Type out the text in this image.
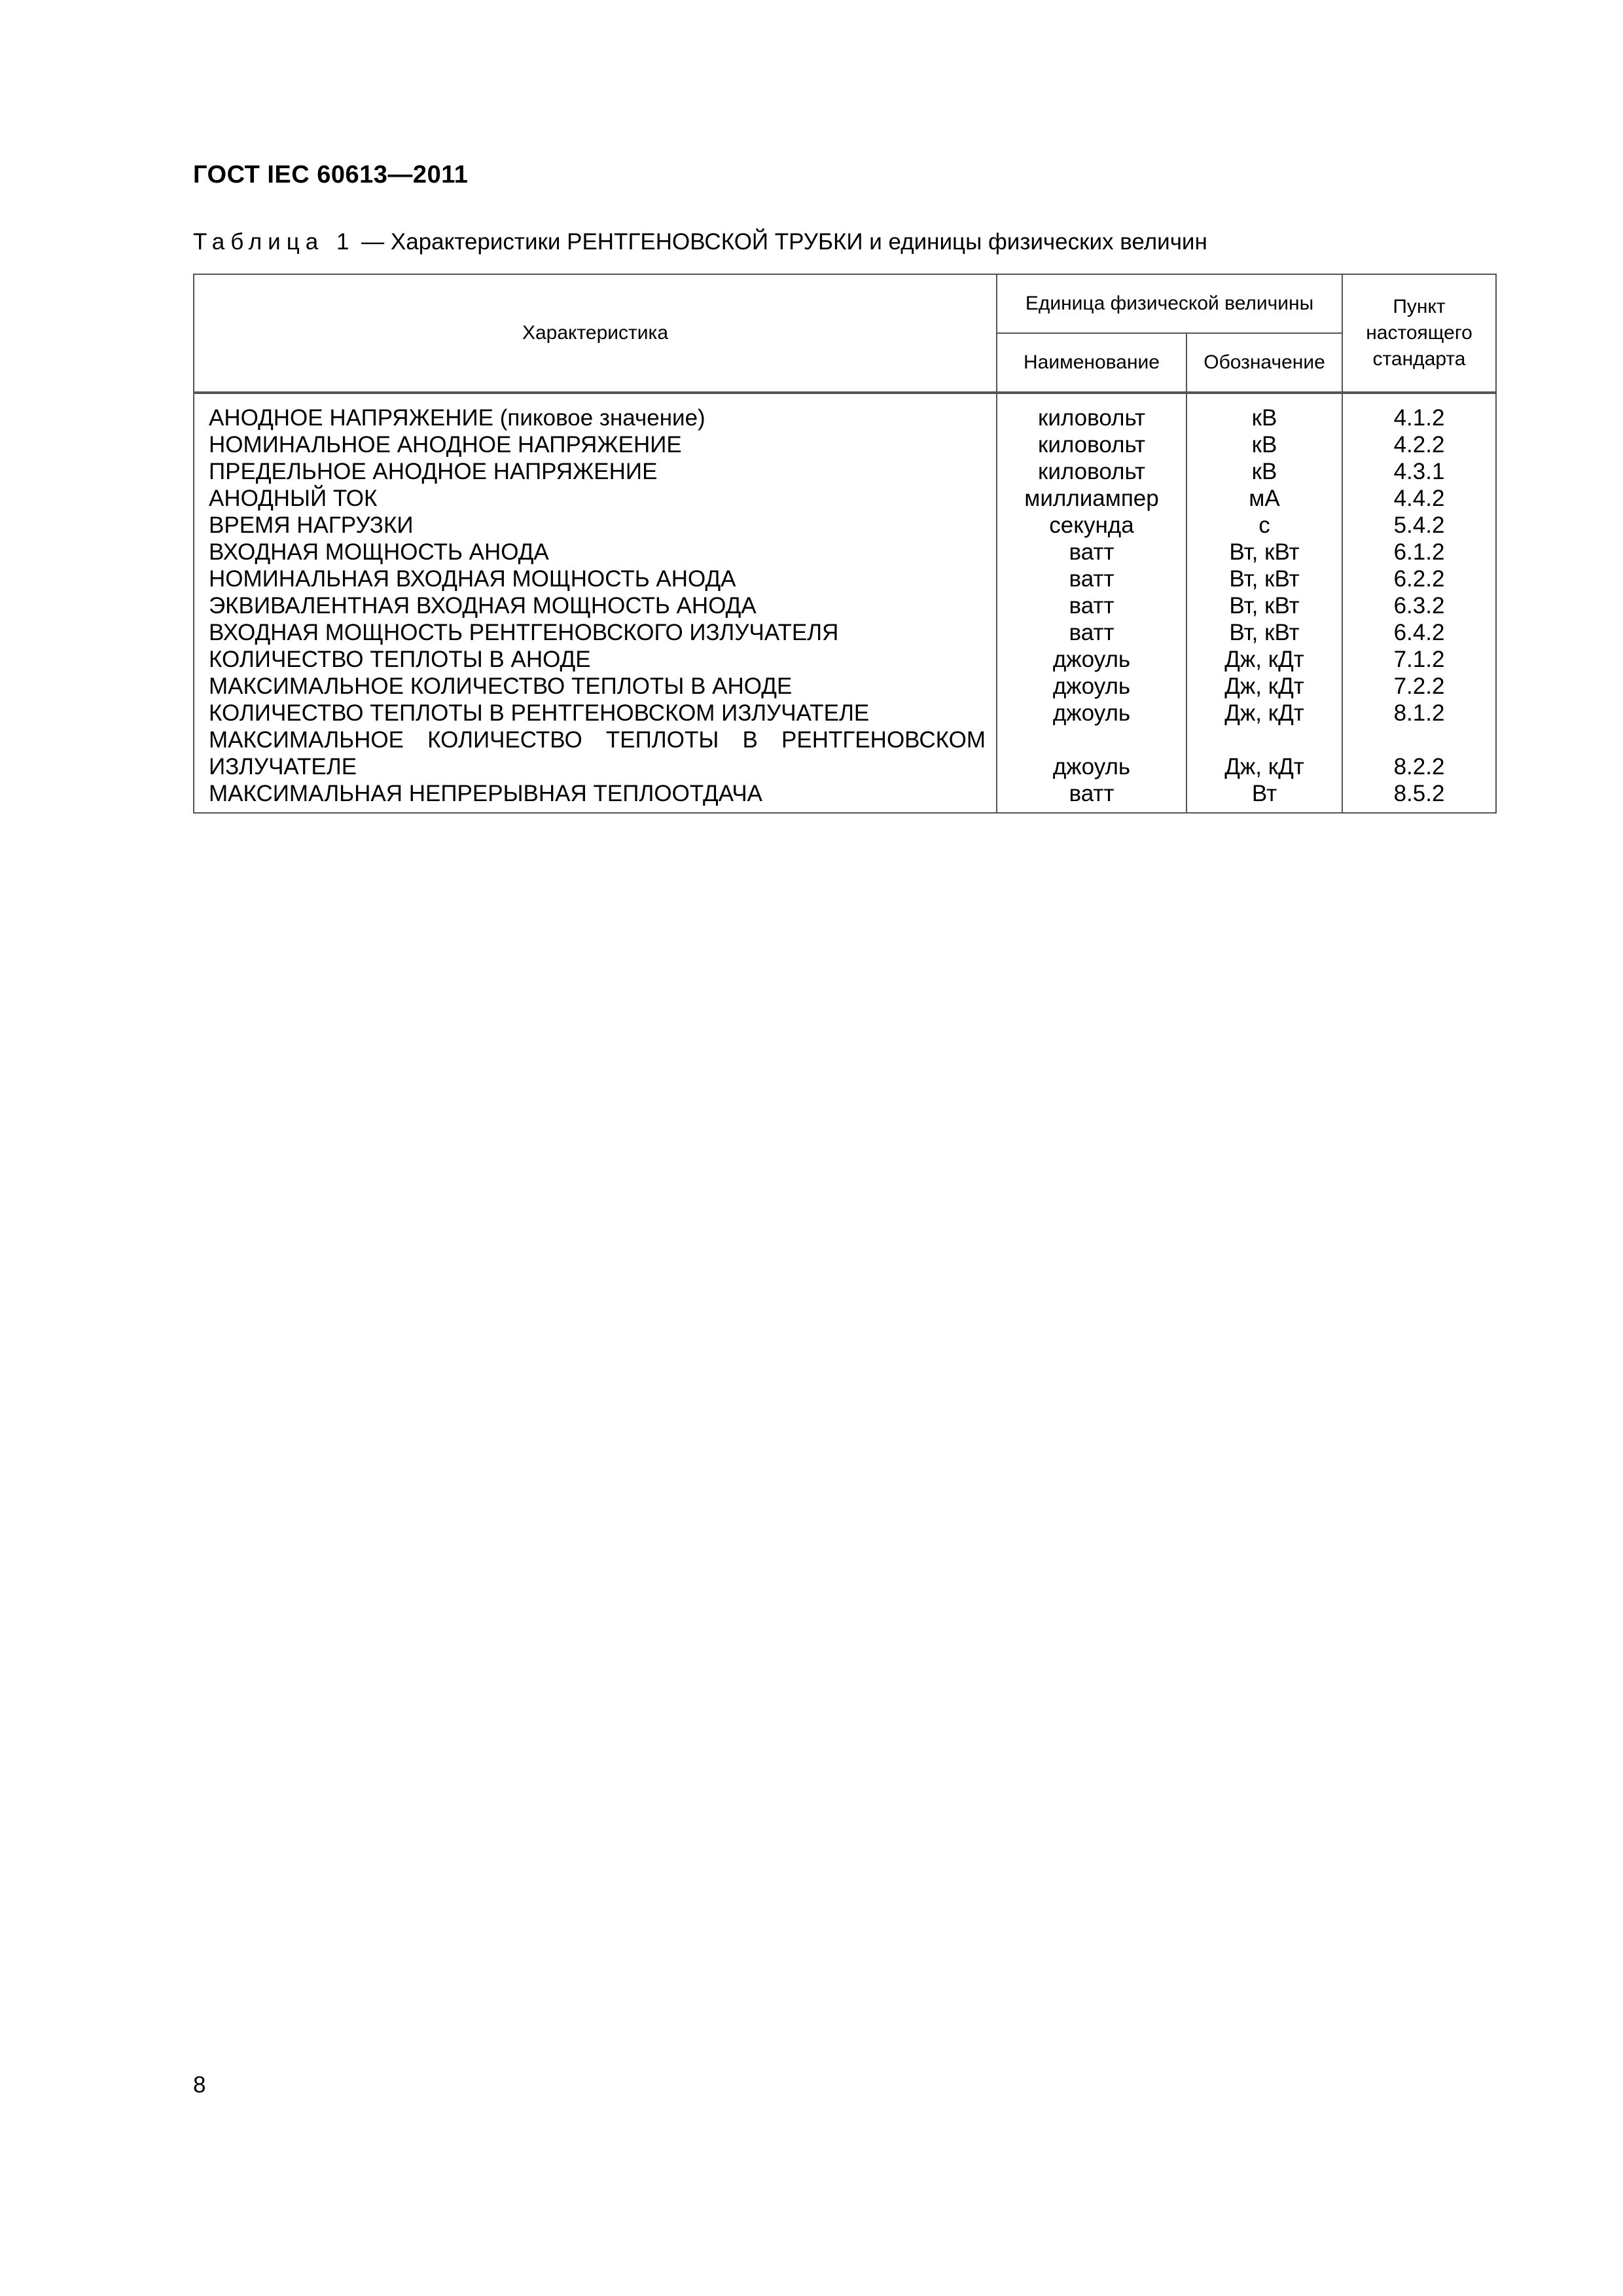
ГОСТ IEC 60613—2011
Таблица 1 — Характеристики РЕНТГЕНОВСКОЙ ТРУБКИ и единицы физических величин
Характеристика	Единица физической величины		Пункт настоящего стандарта
	Наименование	Обозначение	
АНОДНОЕ НАПРЯЖЕНИЕ (пиковое значение)	киловольт	кВ	4.1.2
НОМИНАЛЬНОЕ АНОДНОЕ НАПРЯЖЕНИЕ	киловольт	кВ	4.2.2
ПРЕДЕЛЬНОЕ АНОДНОЕ НАПРЯЖЕНИЕ	киловольт	кВ	4.3.1
АНОДНЫЙ ТОК	миллиампер	мА	4.4.2
ВРЕМЯ НАГРУЗКИ	секунда	с	5.4.2
ВХОДНАЯ МОЩНОСТЬ АНОДА	ватт	Вт, кВт	6.1.2
НОМИНАЛЬНАЯ ВХОДНАЯ МОЩНОСТЬ АНОДА	ватт	Вт, кВт	6.2.2
ЭКВИВАЛЕНТНАЯ ВХОДНАЯ МОЩНОСТЬ АНОДА	ватт	Вт, кВт	6.3.2
ВХОДНАЯ МОЩНОСТЬ РЕНТГЕНОВСКОГО ИЗЛУЧАТЕЛЯ	ватт	Вт, кВт	6.4.2
КОЛИЧЕСТВО ТЕПЛОТЫ В АНОДЕ	джоуль	Дж, кДт	7.1.2
МАКСИМАЛЬНОЕ КОЛИЧЕСТВО ТЕПЛОТЫ В АНОДЕ	джоуль	Дж, кДт	7.2.2
КОЛИЧЕСТВО ТЕПЛОТЫ В РЕНТГЕНОВСКОМ ИЗЛУЧАТЕЛЕ	джоуль	Дж, кДт	8.1.2
МАКСИМАЛЬНОЕ КОЛИЧЕСТВО ТЕПЛОТЫ В РЕНТГЕНОВСКОМ			
ИЗЛУЧАТЕЛЕ	джоуль	Дж, кДт	8.2.2
МАКСИМАЛЬНАЯ НЕПРЕРЫВНАЯ ТЕПЛООТДАЧА	ватт	Вт	8.5.2
8
